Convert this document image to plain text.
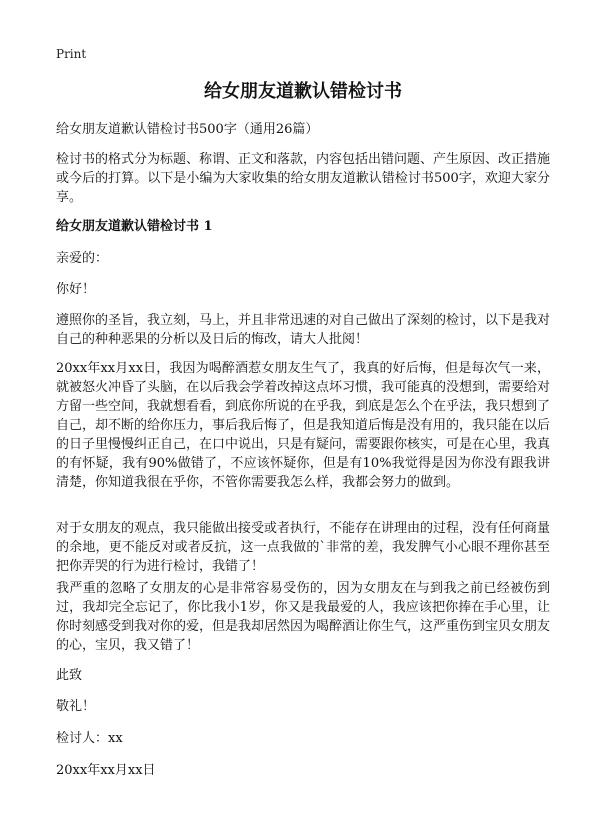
Print
给女朋友道歉认错检讨书

给女朋友道歉认错检讨书500字（通用26篇）

检讨书的格式分为标题、称谓、正文和落款，内容包括出错问题、产生原因、改正措施或今后的打算。以下是小编为大家收集的给女朋友道歉认错检讨书500字，欢迎大家分享。

给女朋友道歉认错检讨书 1

亲爱的：

你好！

遵照你的圣旨，我立刻，马上，并且非常迅速的对自己做出了深刻的检讨，以下是我对自己的种种恶果的分析以及日后的悔改，请大人批阅！

20xx年xx月xx日，我因为喝醉酒惹女朋友生气了，我真的好后悔，但是每次气一来，就被怒火冲昏了头脑，在以后我会学着改掉这点坏习惯，我可能真的没想到，需要给对方留一些空间，我就想看看，到底你所说的在乎我，到底是怎么个在乎法，我只想到了自己，却不断的给你压力，事后我后悔了，但是我知道后悔是没有用的，我只能在以后的日子里慢慢纠正自己，在口中说出，只是有疑问，需要跟你核实，可是在心里，我真的有怀疑，我有90%做错了，不应该怀疑你，但是有10%我觉得是因为你没有跟我讲清楚，你知道我很在乎你，不管你需要我怎么样，我都会努力的做到。

对于女朋友的观点，我只能做出接受或者执行，不能存在讲理由的过程，没有任何商量的余地，更不能反对或者反抗，这一点我做的`非常的差，我发脾气小心眼不理你甚至把你弄哭的行为进行检讨，我错了！

我严重的忽略了女朋友的心是非常容易受伤的，因为女朋友在与到我之前已经被伤到过，我却完全忘记了，你比我小1岁，你又是我最爱的人，我应该把你捧在手心里，让你时刻感受到我对你的爱，但是我却居然因为喝醉酒让你生气，这严重伤到宝贝女朋友的心，宝贝，我又错了！

此致

敬礼！

检讨人：xx

20xx年xx月xx日
